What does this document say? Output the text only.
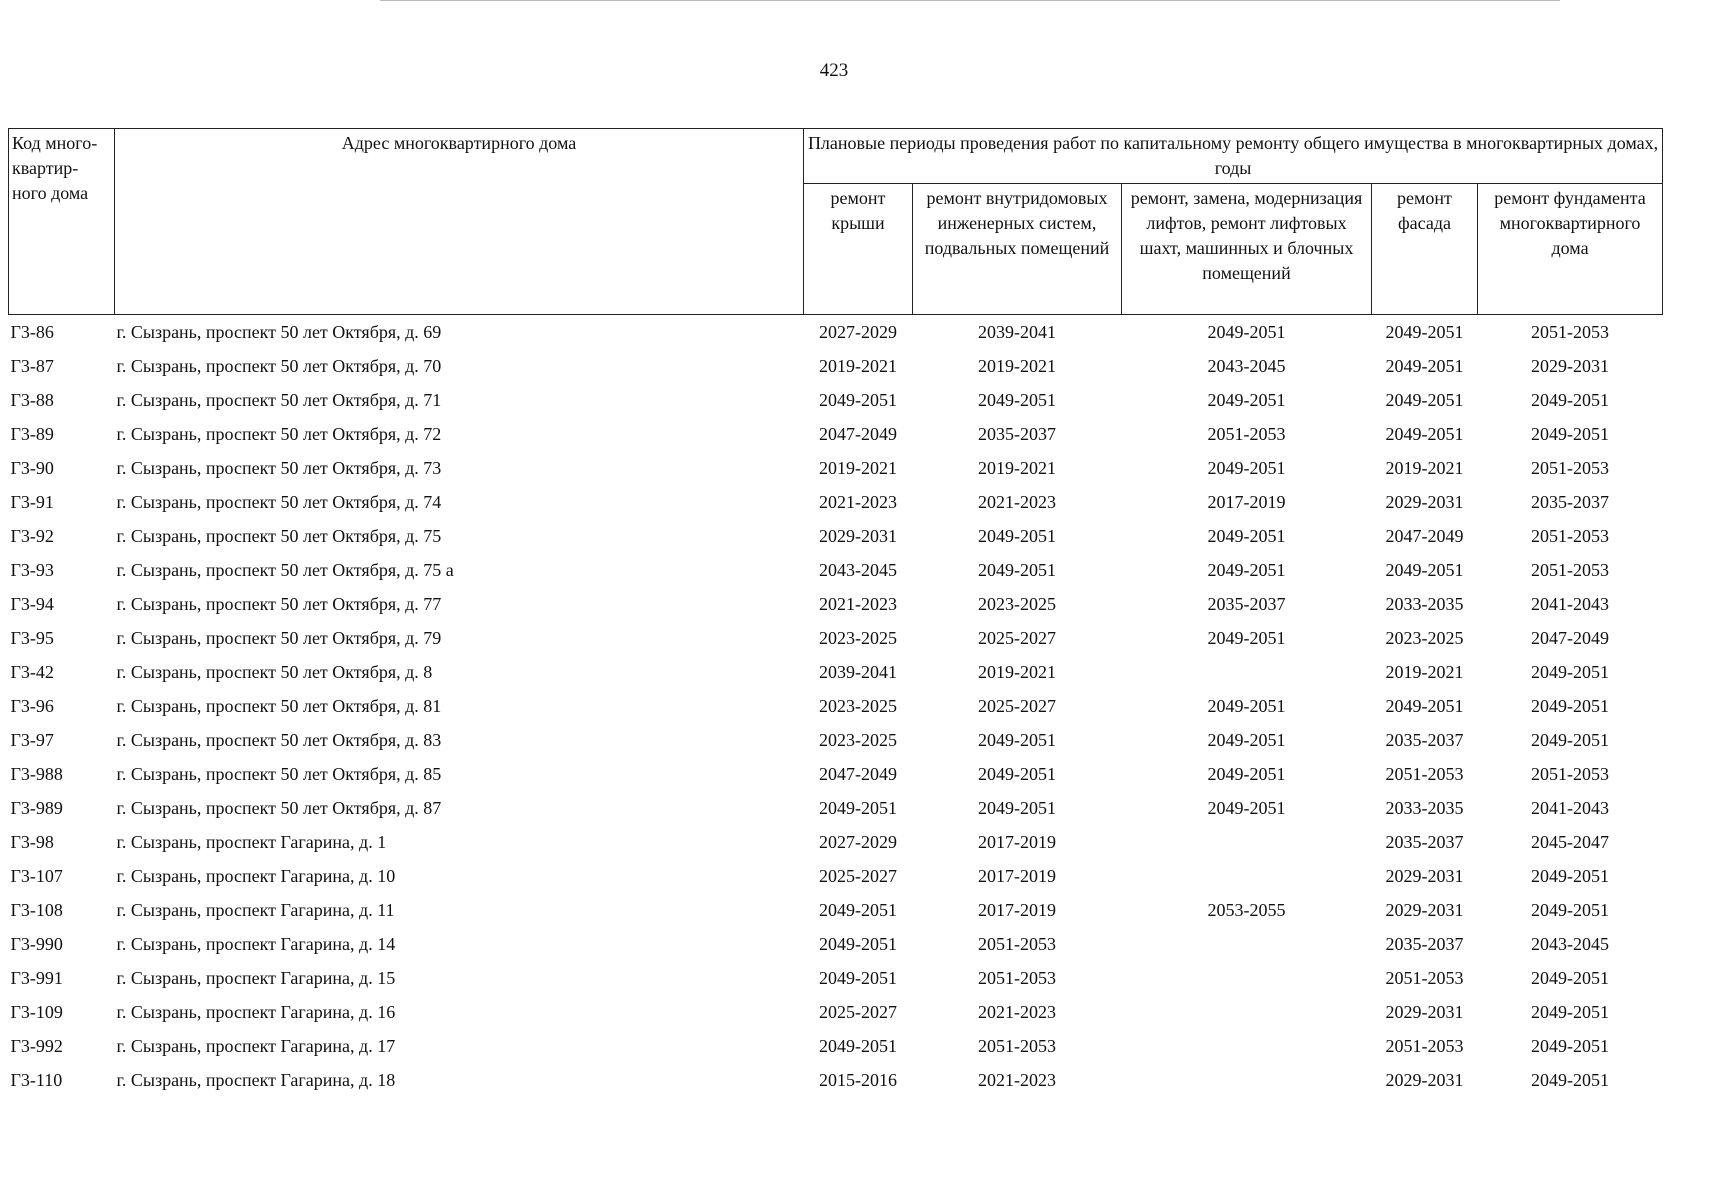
423
Код много-квартир-ного дома	Адрес многоквартирного дома	Плановые периоды проведения работ по капитальному ремонту общего имущества в многоквартирных домах, годы				
		ремонт крыши	ремонт внутридомовых инженерных систем, подвальных помещений	ремонт, замена, модернизация лифтов, ремонт лифтовых шахт, машинных и блочных помещений	ремонт фасада	ремонт фундамента многоквартирного дома
Г3-86	г. Сызрань, проспект 50 лет Октября, д. 69	2027-2029	2039-2041	2049-2051	2049-2051	2051-2053
Г3-87	г. Сызрань, проспект 50 лет Октября, д. 70	2019-2021	2019-2021	2043-2045	2049-2051	2029-2031
Г3-88	г. Сызрань, проспект 50 лет Октября, д. 71	2049-2051	2049-2051	2049-2051	2049-2051	2049-2051
Г3-89	г. Сызрань, проспект 50 лет Октября, д. 72	2047-2049	2035-2037	2051-2053	2049-2051	2049-2051
Г3-90	г. Сызрань, проспект 50 лет Октября, д. 73	2019-2021	2019-2021	2049-2051	2019-2021	2051-2053
Г3-91	г. Сызрань, проспект 50 лет Октября, д. 74	2021-2023	2021-2023	2017-2019	2029-2031	2035-2037
Г3-92	г. Сызрань, проспект 50 лет Октября, д. 75	2029-2031	2049-2051	2049-2051	2047-2049	2051-2053
Г3-93	г. Сызрань, проспект 50 лет Октября, д. 75 а	2043-2045	2049-2051	2049-2051	2049-2051	2051-2053
Г3-94	г. Сызрань, проспект 50 лет Октября, д. 77	2021-2023	2023-2025	2035-2037	2033-2035	2041-2043
Г3-95	г. Сызрань, проспект 50 лет Октября, д. 79	2023-2025	2025-2027	2049-2051	2023-2025	2047-2049
Г3-42	г. Сызрань, проспект 50 лет Октября, д. 8	2039-2041	2019-2021		2019-2021	2049-2051
Г3-96	г. Сызрань, проспект 50 лет Октября, д. 81	2023-2025	2025-2027	2049-2051	2049-2051	2049-2051
Г3-97	г. Сызрань, проспект 50 лет Октября, д. 83	2023-2025	2049-2051	2049-2051	2035-2037	2049-2051
Г3-988	г. Сызрань, проспект 50 лет Октября, д. 85	2047-2049	2049-2051	2049-2051	2051-2053	2051-2053
Г3-989	г. Сызрань, проспект 50 лет Октября, д. 87	2049-2051	2049-2051	2049-2051	2033-2035	2041-2043
Г3-98	г. Сызрань, проспект Гагарина, д. 1	2027-2029	2017-2019		2035-2037	2045-2047
Г3-107	г. Сызрань, проспект Гагарина, д. 10	2025-2027	2017-2019		2029-2031	2049-2051
Г3-108	г. Сызрань, проспект Гагарина, д. 11	2049-2051	2017-2019	2053-2055	2029-2031	2049-2051
Г3-990	г. Сызрань, проспект Гагарина, д. 14	2049-2051	2051-2053		2035-2037	2043-2045
Г3-991	г. Сызрань, проспект Гагарина, д. 15	2049-2051	2051-2053		2051-2053	2049-2051
Г3-109	г. Сызрань, проспект Гагарина, д. 16	2025-2027	2021-2023		2029-2031	2049-2051
Г3-992	г. Сызрань, проспект Гагарина, д. 17	2049-2051	2051-2053		2051-2053	2049-2051
Г3-110	г. Сызрань, проспект Гагарина, д. 18	2015-2016	2021-2023		2029-2031	2049-2051
